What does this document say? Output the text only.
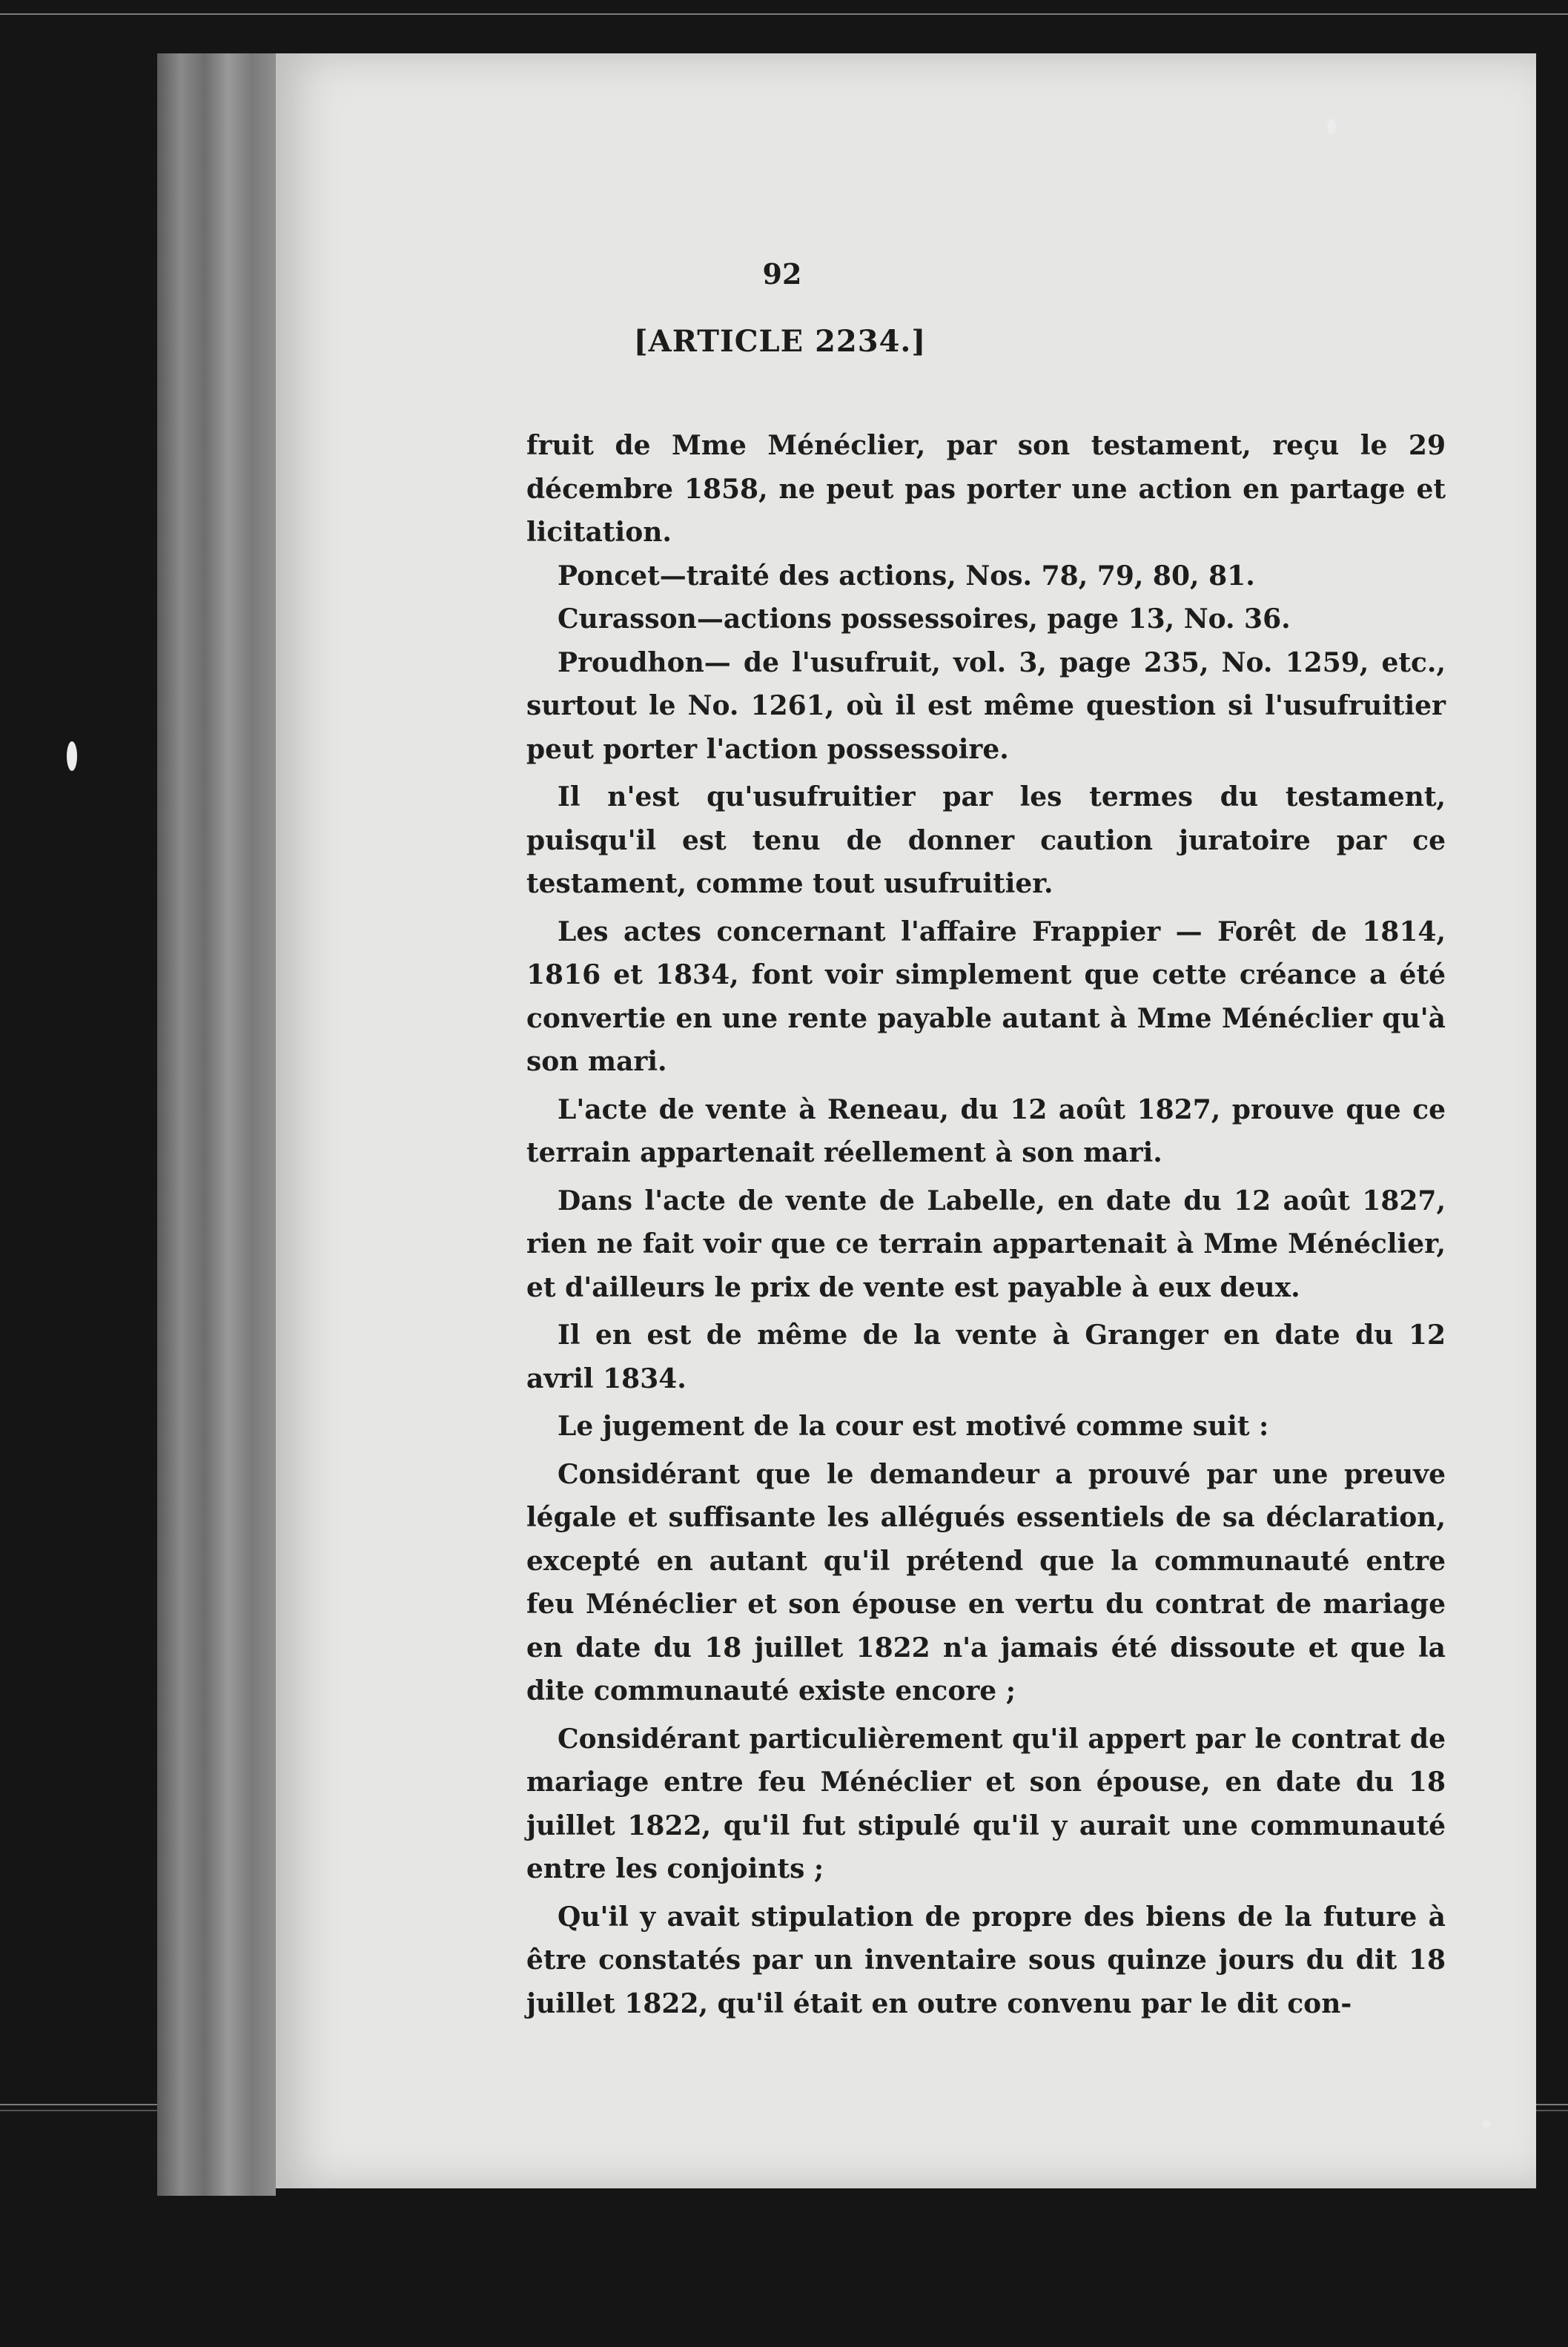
92
[ARTICLE 2234.]

fruit de Mme Ménéclier, par son testament, reçu le 29 décembre 1858, ne peut pas porter une action en partage et licitation.

Poncet—traité des actions, Nos. 78, 79, 80, 81.

Curasson—actions possessoires, page 13, No. 36.

Proudhon— de l'usufruit, vol. 3, page 235, No. 1259, etc., surtout le No. 1261, où il est même question si l'usufruitier peut porter l'action possessoire.

Il n'est qu'usufruitier par les termes du testament, puisqu'il est tenu de donner caution juratoire par ce testament, comme tout usufruitier.

Les actes concernant l'affaire Frappier — Forêt de 1814, 1816 et 1834, font voir simplement que cette créance a été convertie en une rente payable autant à Mme Ménéclier qu'à son mari.

L'acte de vente à Reneau, du 12 août 1827, prouve que ce terrain appartenait réellement à son mari.

Dans l'acte de vente de Labelle, en date du 12 août 1827, rien ne fait voir que ce terrain appartenait à Mme Ménéclier, et d'ailleurs le prix de vente est payable à eux deux.

Il en est de même de la vente à Granger en date du 12 avril 1834.

Le jugement de la cour est motivé comme suit :

Considérant que le demandeur a prouvé par une preuve légale et suffisante les allégués essentiels de sa déclaration, excepté en autant qu'il prétend que la communauté entre feu Ménéclier et son épouse en vertu du contrat de mariage en date du 18 juillet 1822 n'a jamais été dissoute et que la dite communauté existe encore ;

Considérant particulièrement qu'il appert par le contrat de mariage entre feu Ménéclier et son épouse, en date du 18 juillet 1822, qu'il fut stipulé qu'il y aurait une communauté entre les conjoints ;

Qu'il y avait stipulation de propre des biens de la future à être constatés par un inventaire sous quinze jours du dit 18 juillet 1822, qu'il était en outre convenu par le dit con-
